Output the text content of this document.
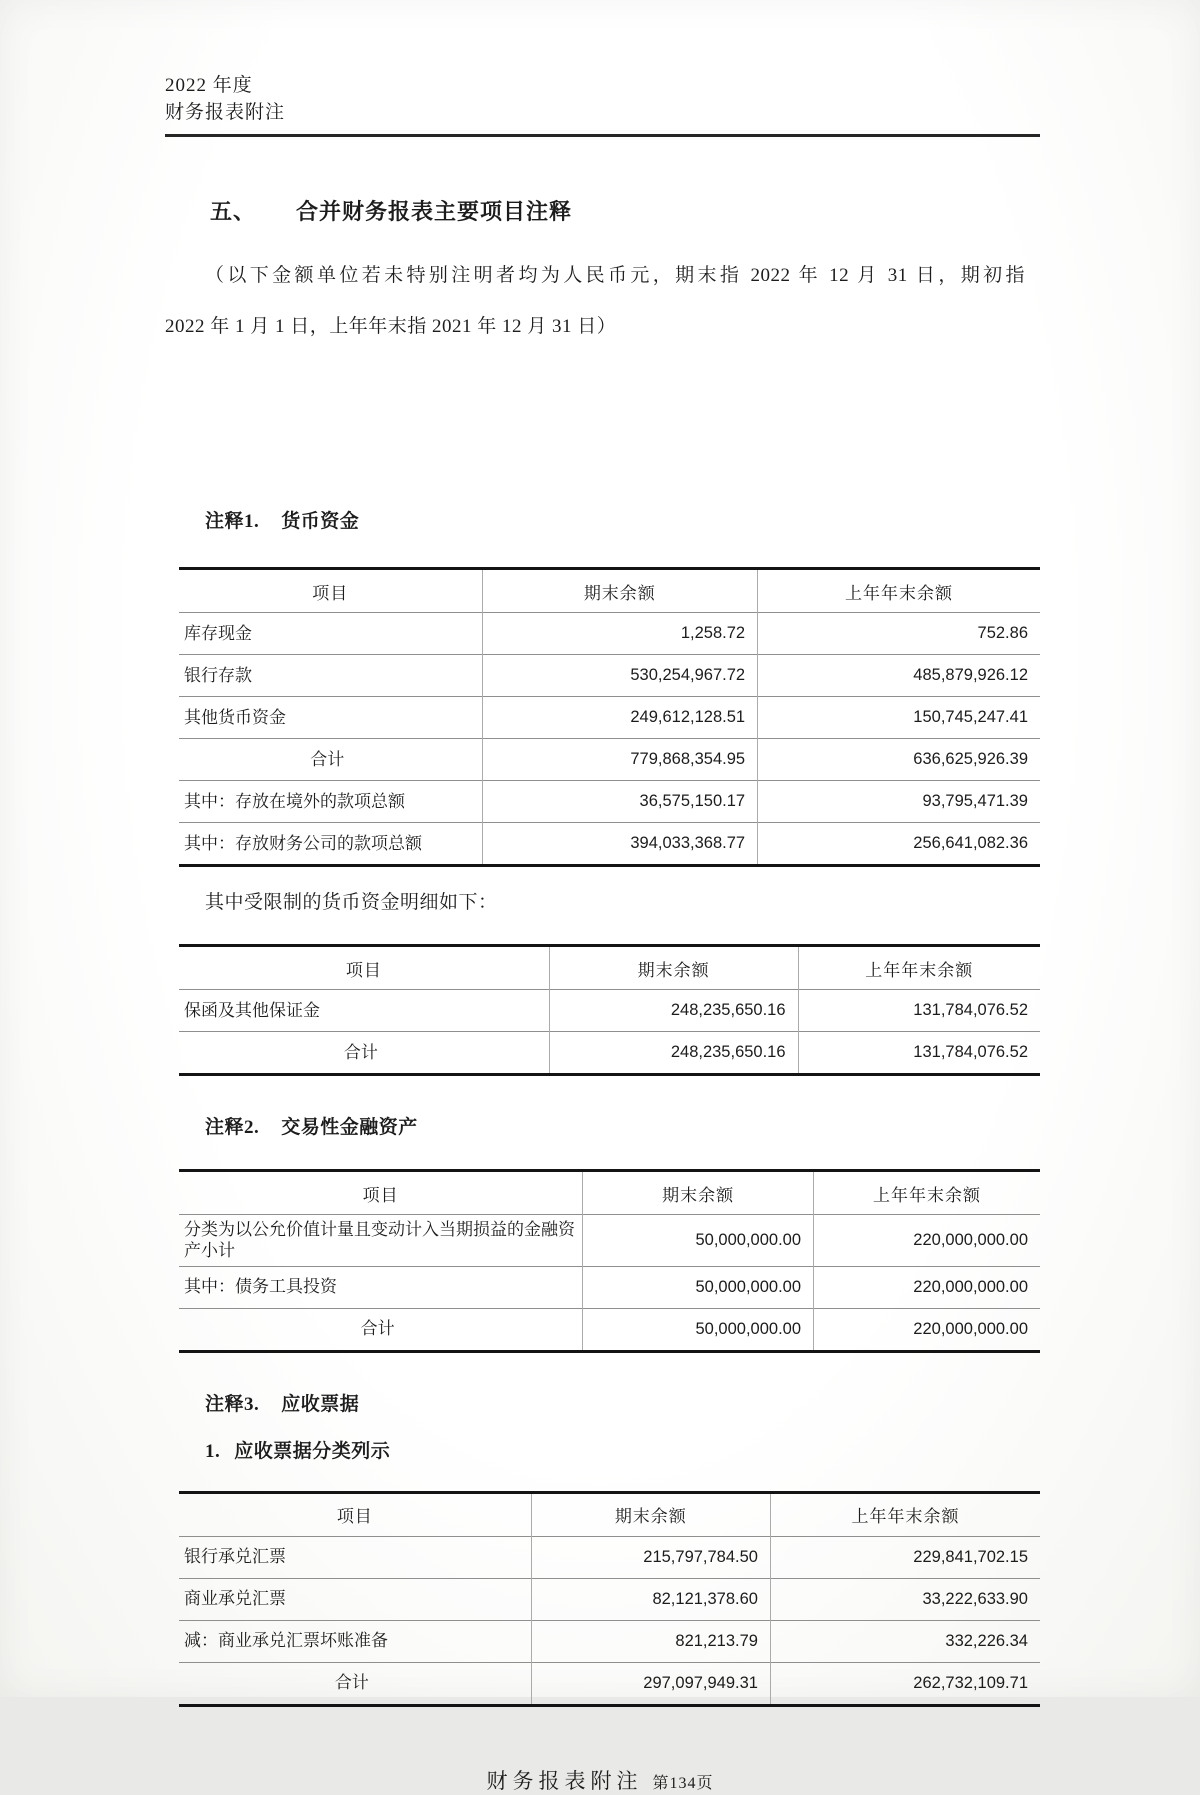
2022 年度
财务报表附注
五、 合并财务报表主要项目注释
（以下金额单位若未特别注明者均为人民币元，期末指 2022 年 12 月 31 日，期初指
2022 年 1 月 1 日，上年年末指 2021 年 12 月 31 日）
注释1. 货币资金
项目	期末余额	上年年末余额
库存现金	1,258.72	752.86
银行存款	530,254,967.72	485,879,926.12
其他货币资金	249,612,128.51	150,745,247.41
合计	779,868,354.95	636,625,926.39
其中：存放在境外的款项总额	36,575,150.17	93,795,471.39
其中：存放财务公司的款项总额	394,033,368.77	256,641,082.36
其中受限制的货币资金明细如下：
项目	期末余额	上年年末余额
保函及其他保证金	248,235,650.16	131,784,076.52
合计	248,235,650.16	131,784,076.52
注释2. 交易性金融资产
项目	期末余额	上年年末余额
分类为以公允价值计量且变动计入当期损益的金融资产小计	50,000,000.00	220,000,000.00
其中：债务工具投资	50,000,000.00	220,000,000.00
合计	50,000,000.00	220,000,000.00
注释3. 应收票据
1. 应收票据分类列示
项目	期末余额	上年年末余额
银行承兑汇票	215,797,784.50	229,841,702.15
商业承兑汇票	82,121,378.60	33,222,633.90
减：商业承兑汇票坏账准备	821,213.79	332,226.34
合计	297,097,949.31	262,732,109.71
财务报表附注 第134页
